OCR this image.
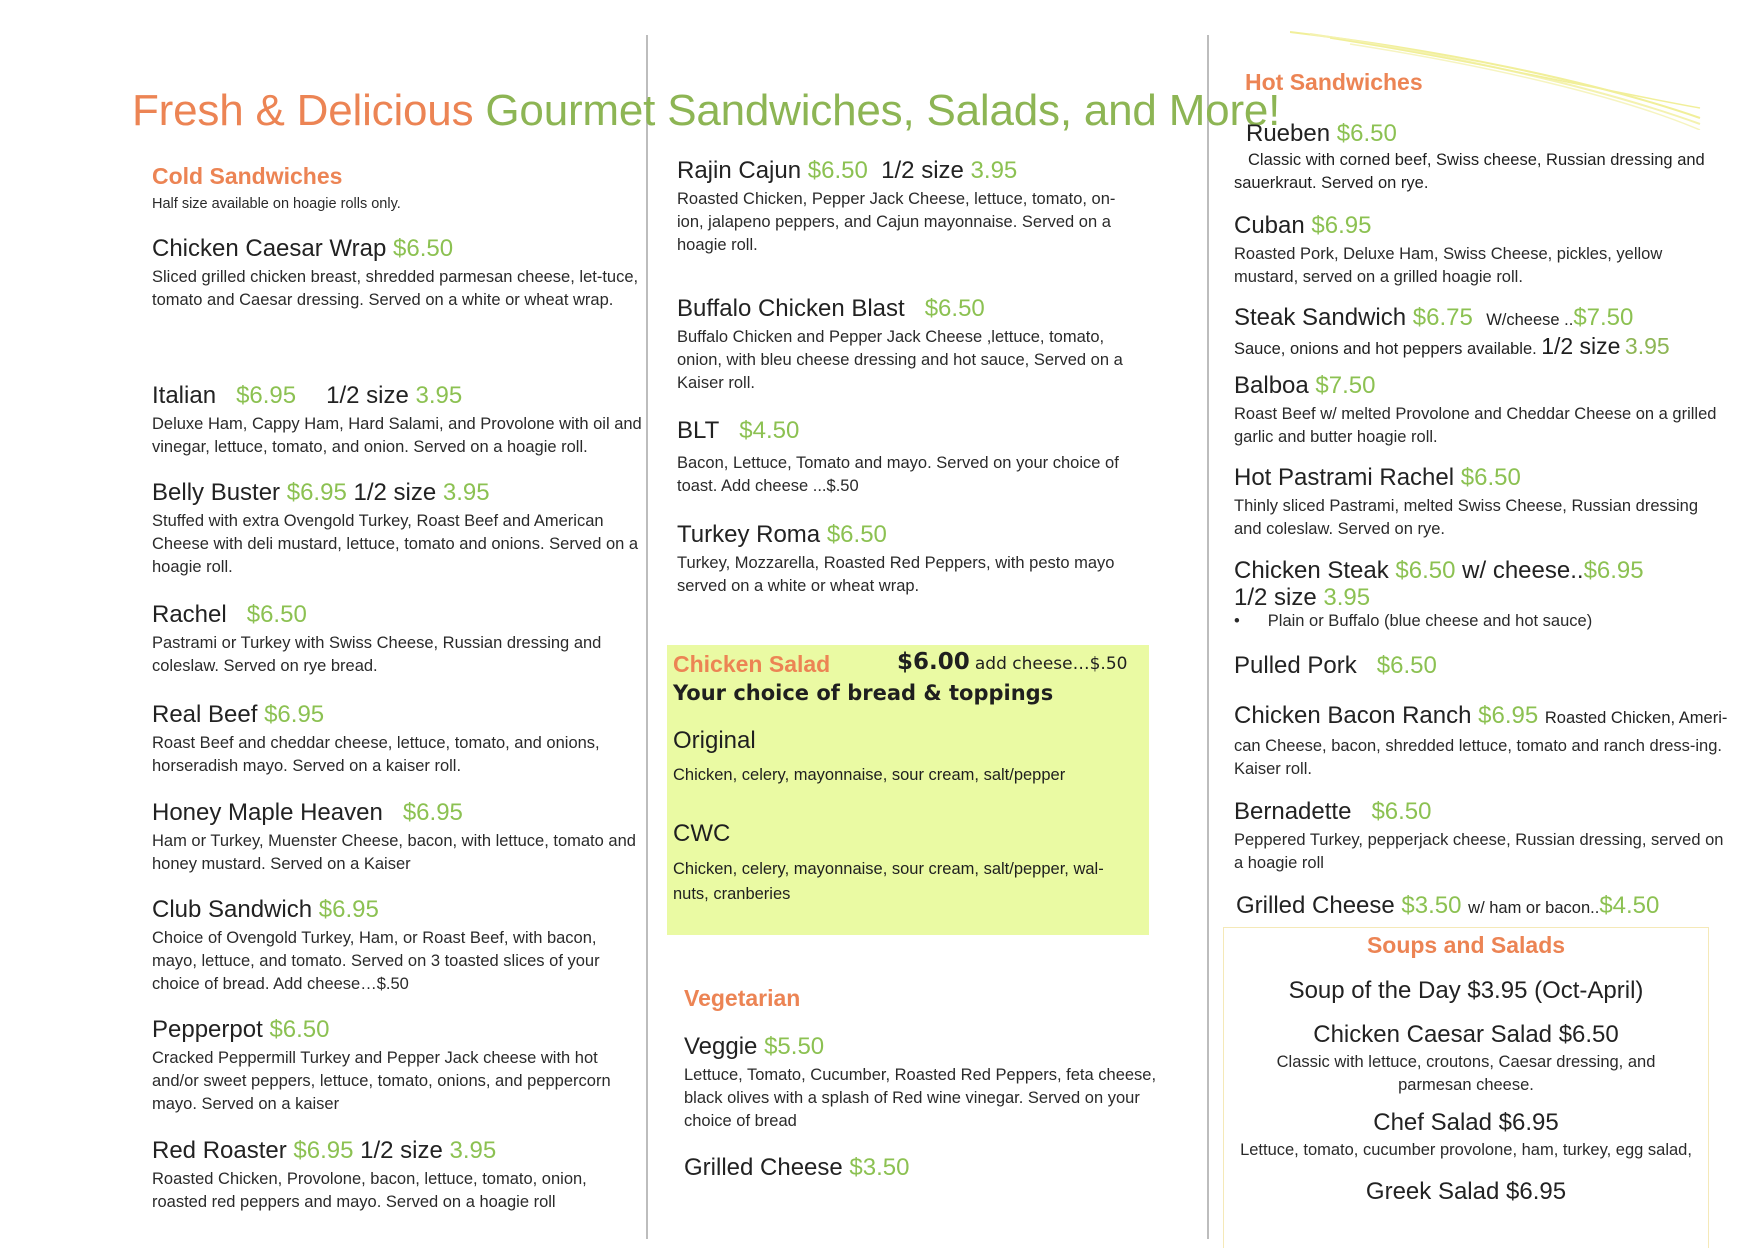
Fresh & Delicious Gourmet Sandwiches, Salads, and More!
Cold Sandwiches
Half size available on hoagie rolls only.
Chicken Caesar Wrap $6.50
Sliced grilled chicken breast, shredded parmesan cheese, let-tuce, tomato and Caesar dressing. Served on a white or wheat wrap.
Italian $6.95 1/2 size 3.95
Deluxe Ham, Cappy Ham, Hard Salami, and Provolone with oil and vinegar, lettuce, tomato, and onion. Served on a hoagie roll.
Belly Buster $6.95 1/2 size 3.95
Stuffed with extra Ovengold Turkey, Roast Beef and American Cheese with deli mustard, lettuce, tomato and onions. Served on a hoagie roll.
Rachel $6.50
Pastrami or Turkey with Swiss Cheese, Russian dressing and coleslaw. Served on rye bread.
Real Beef $6.95
Roast Beef and cheddar cheese, lettuce, tomato, and onions, horseradish mayo. Served on a kaiser roll.
Honey Maple Heaven $6.95
Ham or Turkey, Muenster Cheese, bacon, with lettuce, tomato and honey mustard. Served on a Kaiser
Club Sandwich $6.95
Choice of Ovengold Turkey, Ham, or Roast Beef, with bacon, mayo, lettuce, and tomato. Served on 3 toasted slices of your choice of bread. Add cheese…$.50
Pepperpot $6.50
Cracked Peppermill Turkey and Pepper Jack cheese with hot and/or sweet peppers, lettuce, tomato, onions, and peppercorn mayo. Served on a kaiser
Red Roaster $6.95 1/2 size 3.95
Roasted Chicken, Provolone, bacon, lettuce, tomato, onion, roasted red peppers and mayo. Served on a hoagie roll
Rajin Cajun $6.50 1/2 size 3.95
Roasted Chicken, Pepper Jack Cheese, lettuce, tomato, on-ion, jalapeno peppers, and Cajun mayonnaise. Served on a hoagie roll.
Buffalo Chicken Blast $6.50
Buffalo Chicken and Pepper Jack Cheese ,lettuce, tomato, onion, with bleu cheese dressing and hot sauce, Served on a Kaiser roll.
BLT $4.50
Bacon, Lettuce, Tomato and mayo. Served on your choice of toast. Add cheese ...$.50
Turkey Roma $6.50
Turkey, Mozzarella, Roasted Red Peppers, with pesto mayo served on a white or wheat wrap.
Chicken Salad	$6.00 add cheese…$.50
Your choice of bread & toppings
Original
Chicken, celery, mayonnaise, sour cream, salt/pepper
CWC
Chicken, celery, mayonnaise, sour cream, salt/pepper, wal-nuts, cranberies
Vegetarian
Veggie $5.50
Lettuce, Tomato, Cucumber, Roasted Red Peppers, feta cheese, black olives with a splash of Red wine vinegar. Served on your choice of bread
Grilled Cheese $3.50
Hot Sandwiches
Rueben $6.50
Classic with corned beef, Swiss cheese, Russian dressing and sauerkraut. Served on rye.
Cuban $6.95
Roasted Pork, Deluxe Ham, Swiss Cheese, pickles, yellow mustard, served on a grilled hoagie roll.
Steak Sandwich $6.75 W/cheese ..$7.50
Sauce, onions and hot peppers available. 1/2 size 3.95
Balboa $7.50
Roast Beef w/ melted Provolone and Cheddar Cheese on a grilled garlic and butter hoagie roll.
Hot Pastrami Rachel $6.50
Thinly sliced Pastrami, melted Swiss Cheese, Russian dressing and coleslaw. Served on rye.
Chicken Steak $6.50 w/ cheese..$6.95
1/2 size 3.95
• Plain or Buffalo (blue cheese and hot sauce)
Pulled Pork $6.50
Chicken Bacon Ranch $6.95 Roasted Chicken, Ameri-
can Cheese, bacon, shredded lettuce, tomato and ranch dress-ing. Kaiser roll.
Bernadette $6.50
Peppered Turkey, pepperjack cheese, Russian dressing, served on a hoagie roll
Grilled Cheese $3.50 w/ ham or bacon..$4.50
Soups and Salads
Soup of the Day $3.95 (Oct-April)
Chicken Caesar Salad $6.50
Classic with lettuce, croutons, Caesar dressing, and parmesan cheese.
Chef Salad $6.95
Lettuce, tomato, cucumber provolone, ham, turkey, egg salad,
Greek Salad $6.95
